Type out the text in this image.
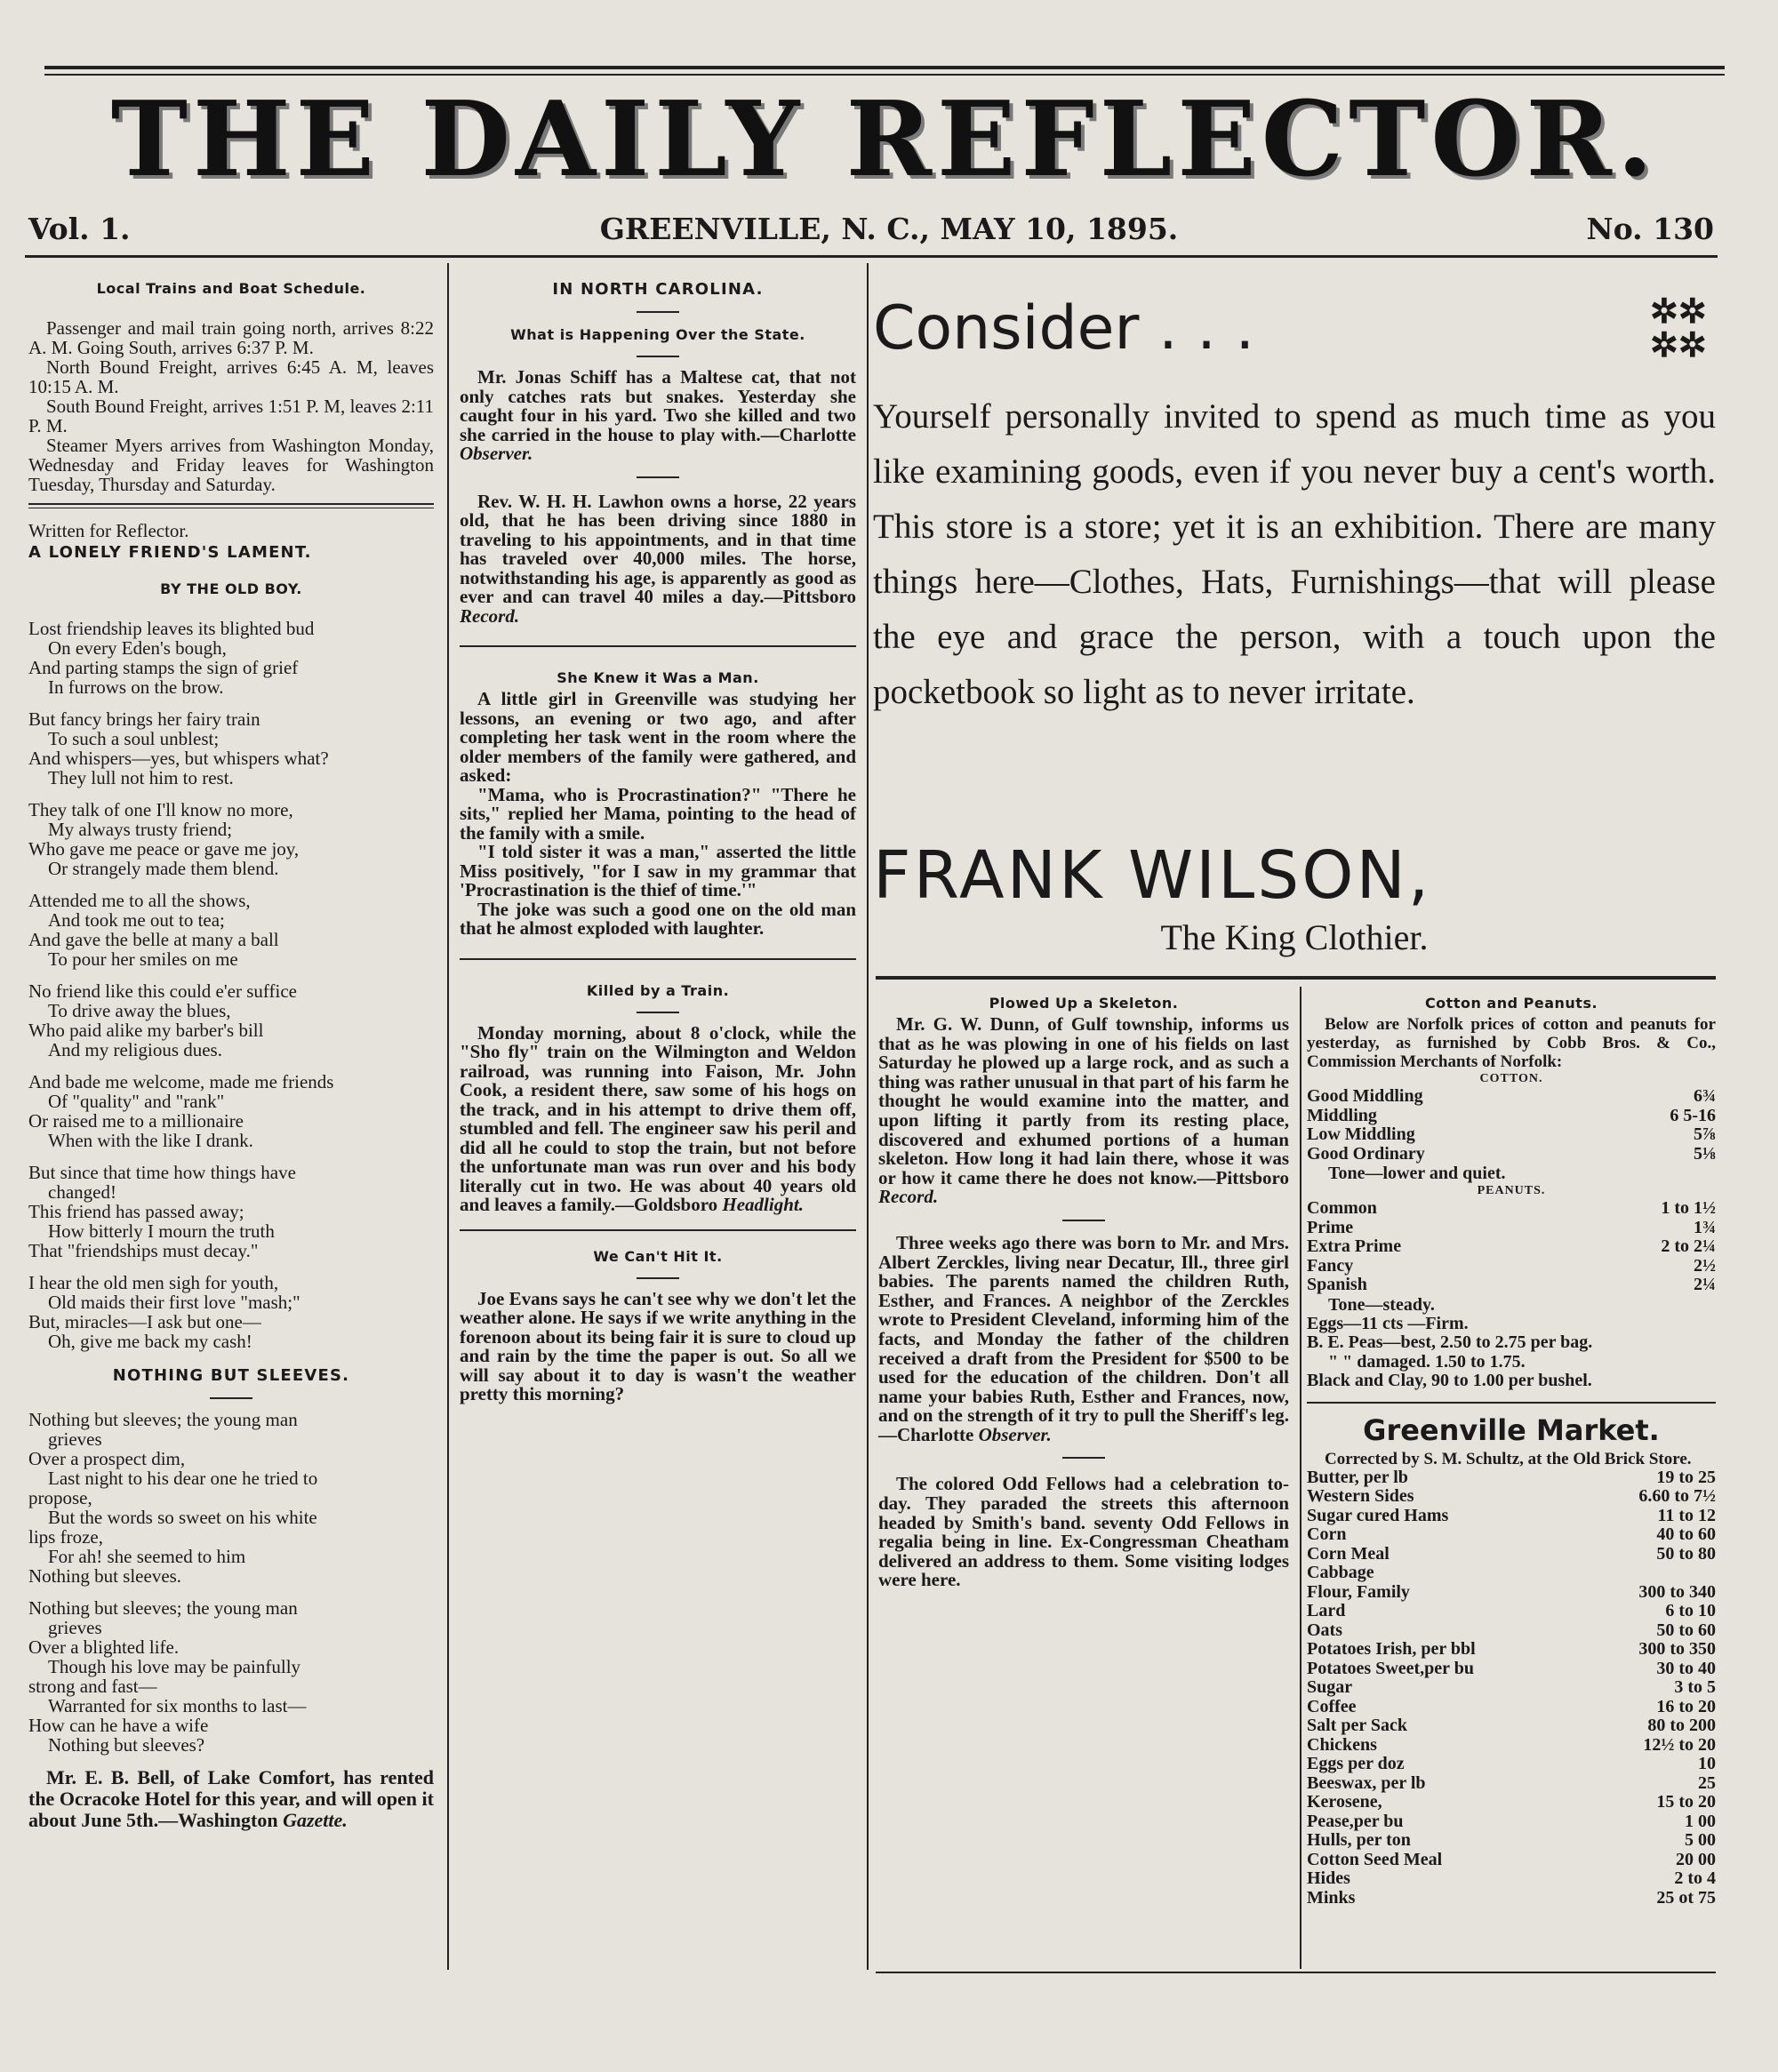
THE DAILY REFLECTOR.
Vol. 1.	GREENVILLE, N. C., MAY 10, 1895.	No. 130
Local Trains and Boat Schedule.

Passenger and mail train going north, arrives 8:22 A. M. Going South, arrives 6:37 P. M.

North Bound Freight, arrives 6:45 A. M, leaves 10:15 A. M.

South Bound Freight, arrives 1:51 P. M, leaves 2:11 P. M.

Steamer Myers arrives from Washington Monday, Wednesday and Friday leaves for Washington Tuesday, Thursday and Saturday.

Written for Reflector.

A LONELY FRIEND'S LAMENT.
BY THE OLD BOY.
Lost friendship leaves its blighted bud
On every Eden's bough,
And parting stamps the sign of grief
In furrows on the brow.
But fancy brings her fairy train
To such a soul unblest;
And whispers—yes, but whispers what?
They lull not him to rest.
They talk of one I'll know no more,
My always trusty friend;
Who gave me peace or gave me joy,
Or strangely made them blend.
Attended me to all the shows,
And took me out to tea;
And gave the belle at many a ball
To pour her smiles on me
No friend like this could e'er suffice
To drive away the blues,
Who paid alike my barber's bill
And my religious dues.
And bade me welcome, made me friends
Of "quality" and "rank"
Or raised me to a millionaire
When with the like I drank.
But since that time how things have
changed!
This friend has passed away;
How bitterly I mourn the truth
That "friendships must decay."
I hear the old men sigh for youth,
Old maids their first love "mash;"
But, miracles—I ask but one—
Oh, give me back my cash!
NOTHING BUT SLEEVES.
Nothing but sleeves; the young man
grieves
Over a prospect dim,
Last night to his dear one he tried to
propose,
But the words so sweet on his white
lips froze,
For ah! she seemed to him
Nothing but sleeves.
Nothing but sleeves; the young man
grieves
Over a blighted life.
Though his love may be painfully
strong and fast—
Warranted for six months to last—
How can he have a wife
Nothing but sleeves?

Mr. E. B. Bell, of Lake Comfort, has rented the Ocracoke Hotel for this year, and will open it about June 5th.—Washington Gazette.

IN NORTH CAROLINA.
What is Happening Over the State.

Mr. Jonas Schiff has a Maltese cat, that not only catches rats but snakes. Yesterday she caught four in his yard. Two she killed and two she carried in the house to play with.—Charlotte Observer.

Rev. W. H. H. Lawhon owns a horse, 22 years old, that he has been driving since 1880 in traveling to his appointments, and in that time has traveled over 40,000 miles. The horse, notwithstanding his age, is apparently as good as ever and can travel 40 miles a day.—Pittsboro Record.

She Knew it Was a Man.

A little girl in Greenville was studying her lessons, an evening or two ago, and after completing her task went in the room where the older members of the family were gathered, and asked:

"Mama, who is Procrastination?" "There he sits," replied her Mama, pointing to the head of the family with a smile.

"I told sister it was a man," asserted the little Miss positively, "for I saw in my grammar that 'Procrastination is the thief of time.'"

The joke was such a good one on the old man that he almost exploded with laughter.

Killed by a Train.

Monday morning, about 8 o'clock, while the "Sho fly" train on the Wilmington and Weldon railroad, was running into Faison, Mr. John Cook, a resident there, saw some of his hogs on the track, and in his attempt to drive them off, stumbled and fell. The engineer saw his peril and did all he could to stop the train, but not before the unfortunate man was run over and his body literally cut in two. He was about 40 years old and leaves a family.—Goldsboro Headlight.

We Can't Hit It.

Joe Evans says he can't see why we don't let the weather alone. He says if we write anything in the forenoon about its being fair it is sure to cloud up and rain by the time the paper is out. So all we will say about it to day is wasn't the weather pretty this morning?

Consider . . .	✲✲
✲✲
Yourself personally invited to spend as much time as you like examining goods, even if you never buy a cent's worth. This store is a store; yet it is an exhibition. There are many things here—Clothes, Hats, Furnishings—that will please the eye and grace the person, with a touch upon the pocketbook so light as to never irritate.
FRANK WILSON,
The King Clothier.
Plowed Up a Skeleton.

Mr. G. W. Dunn, of Gulf township, informs us that as he was plowing in one of his fields on last Saturday he plowed up a large rock, and as such a thing was rather unusual in that part of his farm he thought he would examine into the matter, and upon lifting it partly from its resting place, discovered and exhumed portions of a human skeleton. How long it had lain there, whose it was or how it came there he does not know.—Pittsboro Record.

Three weeks ago there was born to Mr. and Mrs. Albert Zerckles, living near Decatur, Ill., three girl babies. The parents named the children Ruth, Esther, and Frances. A neighbor of the Zerckles wrote to President Cleveland, informing him of the facts, and Monday the father of the children received a draft from the President for $500 to be used for the education of the children. Don't all name your babies Ruth, Esther and Frances, now, and on the strength of it try to pull the Sheriff's leg.—Charlotte Observer.

The colored Odd Fellows had a celebration to-day. They paraded the streets this afternoon headed by Smith's band. seventy Odd Fellows in regalia being in line. Ex-Congressman Cheatham delivered an address to them. Some visiting lodges were here.

Cotton and Peanuts.

Below are Norfolk prices of cotton and peanuts for yesterday, as furnished by Cobb Bros. & Co., Commission Merchants of Norfolk:

COTTON.
Good Middling	6¾
Middling	6 5-16
Low Middling	5⅞
Good Ordinary	5⅛
Tone—lower and quiet.
PEANUTS.
Common	1 to 1½
Prime	1¾
Extra Prime	2 to 2¼
Fancy	2½
Spanish	2¼
Tone—steady.
Eggs—11 cts —Firm.
B. E. Peas—best, 2.50 to 2.75 per bag.
" " damaged. 1.50 to 1.75.
Black and Clay, 90 to 1.00 per bushel.
Greenville Market.

Corrected by S. M. Schultz, at the Old Brick Store.

Butter, per lb	19 to 25
Western Sides	6.60 to 7½
Sugar cured Hams	11 to 12
Corn	40 to 60
Corn Meal	50 to 80
Cabbage
Flour, Family	300 to 340
Lard	6 to 10
Oats	50 to 60
Potatoes Irish, per bbl	300 to 350
Potatoes Sweet,per bu	30 to 40
Sugar	3 to 5
Coffee	16 to 20
Salt per Sack	80 to 200
Chickens	12½ to 20
Eggs per doz	10
Beeswax, per lb	25
Kerosene,	15 to 20
Pease,per bu	1 00
Hulls, per ton	5 00
Cotton Seed Meal	20 00
Hides	2 to 4
Minks	25 ot 75
